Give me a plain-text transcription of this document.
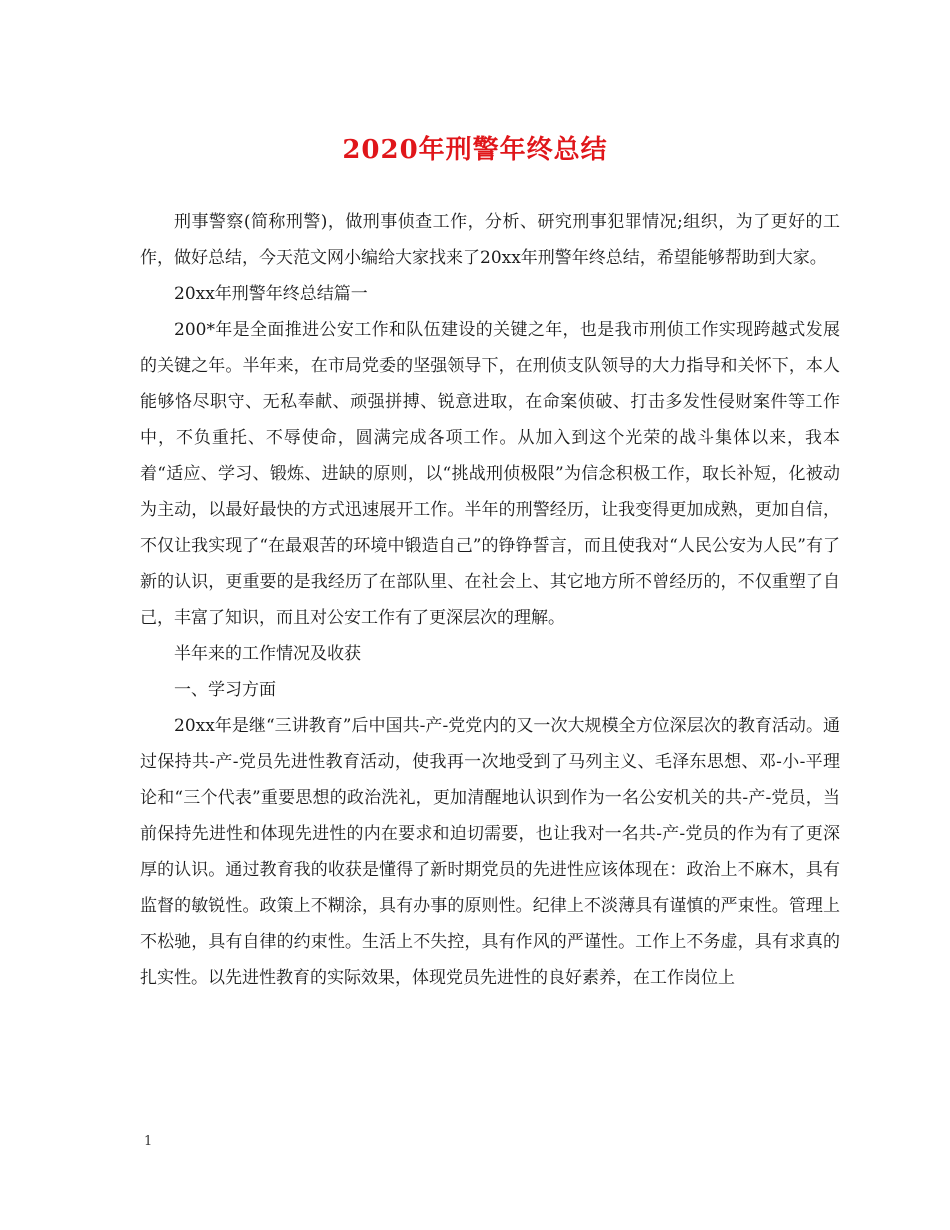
2020年刑警年终总结

刑事警察(简称刑警)，做刑事侦查工作，分析、研究刑事犯罪情况;组织，为了更好的工作，做好总结，今天范文网小编给大家找来了20xx年刑警年终总结，希望能够帮助到大家。

20xx年刑警年终总结篇一

200*年是全面推进公安工作和队伍建设的关键之年，也是我市刑侦工作实现跨越式发展的关键之年。半年来，在市局党委的坚强领导下，在刑侦支队领导的大力指导和关怀下，本人能够恪尽职守、无私奉献、顽强拼搏、锐意进取，在命案侦破、打击多发性侵财案件等工作中，不负重托、不辱使命，圆满完成各项工作。从加入到这个光荣的战斗集体以来，我本着“适应、学习、锻炼、进缺的原则，以“挑战刑侦极限”为信念积极工作，取长补短，化被动为主动，以最好最快的方式迅速展开工作。半年的刑警经历，让我变得更加成熟，更加自信，不仅让我实现了“在最艰苦的环境中锻造自己”的铮铮誓言，而且使我对“人民公安为人民”有了新的认识，更重要的是我经历了在部队里、在社会上、其它地方所不曾经历的，不仅重塑了自己，丰富了知识，而且对公安工作有了更深层次的理解。

半年来的工作情况及收获

一、学习方面

20xx年是继“三讲教育”后中国共-产-党党内的又一次大规模全方位深层次的教育活动。通过保持共-产-党员先进性教育活动，使我再一次地受到了马列主义、毛泽东思想、邓-小-平理论和“三个代表”重要思想的政治洗礼，更加清醒地认识到作为一名公安机关的共-产-党员，当前保持先进性和体现先进性的内在要求和迫切需要，也让我对一名共-产-党员的作为有了更深厚的认识。通过教育我的收获是懂得了新时期党员的先进性应该体现在：政治上不麻木，具有监督的敏锐性。政策上不糊涂，具有办事的原则性。纪律上不淡薄具有谨慎的严束性。管理上不松驰，具有自律的约束性。生活上不失控，具有作风的严谨性。工作上不务虚，具有求真的扎实性。以先进性教育的实际效果，体现党员先进性的良好素养，在工作岗位上

1
